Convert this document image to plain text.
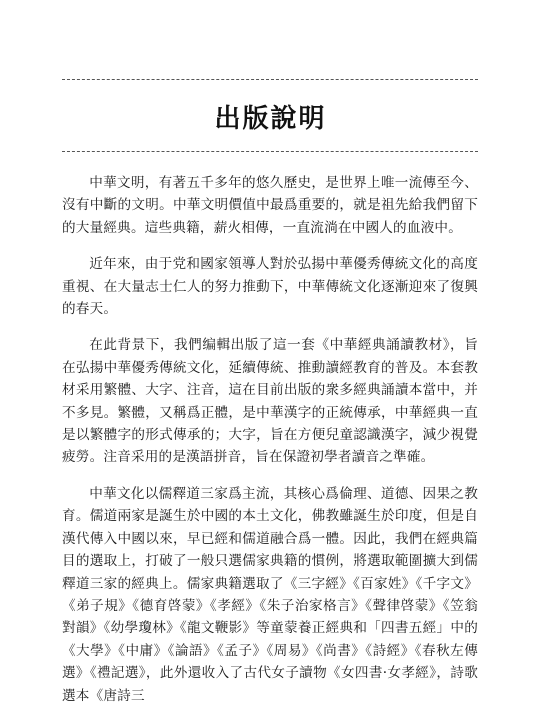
出版說明

中華文明，有著五千多年的悠久歷史，是世界上唯一流傳至今、沒有中斷的文明。中華文明價值中最爲重要的，就是祖先給我們留下的大量經典。這些典籍，薪火相傳，一直流淌在中國人的血液中。

近年來，由于党和國家領導人對於弘揚中華優秀傳統文化的高度重視、在大量志士仁人的努力推動下，中華傳統文化逐漸迎來了復興的春天。

在此背景下，我們编輯出版了這一套《中華經典誦讀教材》，旨在弘揚中華優秀傳統文化，延續傳統、推動讀經教育的普及。本套教材采用繁體、大字、注音，這在目前出版的衆多經典誦讀本當中，并不多見。繁體，又稱爲正體，是中華漢字的正統傳承，中華經典一直是以繁體字的形式傳承的；大字，旨在方便兒童認識漢字，減少視覺疲勞。注音采用的是漢語拼音，旨在保證初學者讀音之準確。

中華文化以儒釋道三家爲主流，其核心爲倫理、道德、因果之教育。儒道兩家是誕生於中國的本土文化，佛教雖誕生於印度，但是自漢代傳入中國以來，早已經和儒道融合爲一體。因此，我們在經典篇目的選取上，打破了一般只選儒家典籍的慣例，將選取範圍擴大到儒釋道三家的經典上。儒家典籍選取了《三字經》《百家姓》《千字文》《弟子規》《德育啓蒙》《孝經》《朱子治家格言》《聲律啓蒙》《笠翁對韻》《幼學瓊林》《龍文鞭影》等童蒙養正經典和「四書五經」中的《大學》《中庸》《論語》《孟子》《周易》《尚書》《詩經》《春秋左傳選》《禮記選》，此外還收入了古代女子讀物《女四書·女孝經》，詩歌選本《唐詩三
